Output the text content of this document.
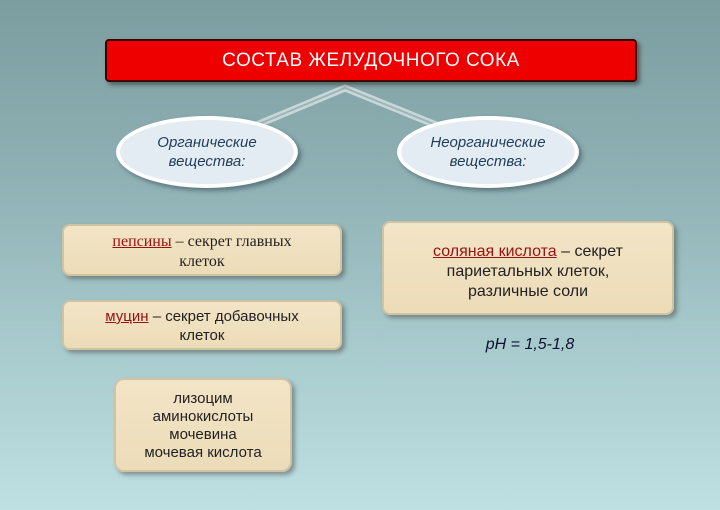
СОСТАВ ЖЕЛУДОЧНОГО СОКА
Органические
вещества:
Неорганические
вещества:
пепсины – секрет главных
клеток
муцин – секрет добавочных
клеток
лизоцим
аминокислоты
мочевина
мочевая кислота
соляная кислота – секрет
париетальных клеток,
различные соли
pH = 1,5-1,8
